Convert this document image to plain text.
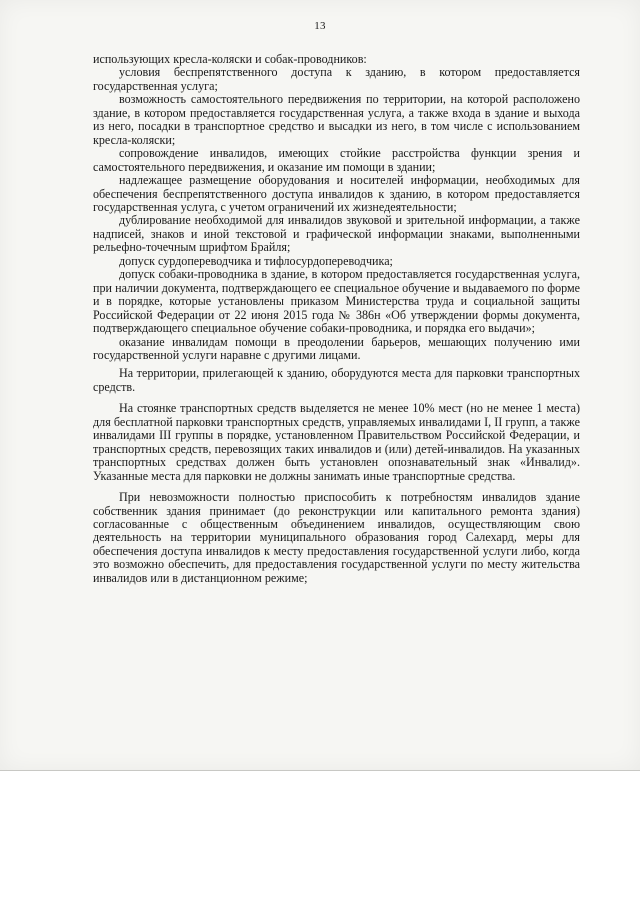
13

использующих кресла-коляски и собак-проводников:

условия беспрепятственного доступа к зданию, в котором предоставляется государственная услуга;

возможность самостоятельного передвижения по территории, на которой расположено здание, в котором предоставляется государственная услуга, а также входа в здание и выхода из него, посадки в транспортное средство и высадки из него, в том числе с использованием кресла-коляски;

сопровождение инвалидов, имеющих стойкие расстройства функции зрения и самостоятельного передвижения, и оказание им помощи в здании;

надлежащее размещение оборудования и носителей информации, необходимых для обеспечения беспрепятственного доступа инвалидов к зданию, в котором предоставляется государственная услуга, с учетом ограничений их жизнедеятельности;

дублирование необходимой для инвалидов звуковой и зрительной информации, а также надписей, знаков и иной текстовой и графической информации знаками, выполненными рельефно-точечным шрифтом Брайля;

допуск сурдопереводчика и тифлосурдопереводчика;

допуск собаки-проводника в здание, в котором предоставляется государственная услуга, при наличии документа, подтверждающего ее специальное обучение и выдаваемого по форме и в порядке, которые установлены приказом Министерства труда и социальной защиты Российской Федерации от 22 июня 2015 года № 386н «Об утверждении формы документа, подтверждающего специальное обучение собаки-проводника, и порядка его выдачи»;

оказание инвалидам помощи в преодолении барьеров, мешающих получению ими государственной услуги наравне с другими лицами.

На территории, прилегающей к зданию, оборудуются места для парковки транспортных средств.

На стоянке транспортных средств выделяется не менее 10% мест (но не менее 1 места) для бесплатной парковки транспортных средств, управляемых инвалидами I, II групп, а также инвалидами III группы в порядке, установленном Правительством Российской Федерации, и транспортных средств, перевозящих таких инвалидов и (или) детей-инвалидов. На указанных транспортных средствах должен быть установлен опознавательный знак «Инвалид». Указанные места для парковки не должны занимать иные транспортные средства.

При невозможности полностью приспособить к потребностям инвалидов здание собственник здания принимает (до реконструкции или капитального ремонта здания) согласованные с общественным объединением инвалидов, осуществляющим свою деятельность на территории муниципального образования город Салехард, меры для обеспечения доступа инвалидов к месту предоставления государственной услуги либо, когда это возможно обеспечить, для предоставления государственной услуги по месту жительства инвалидов или в дистанционном режиме;
